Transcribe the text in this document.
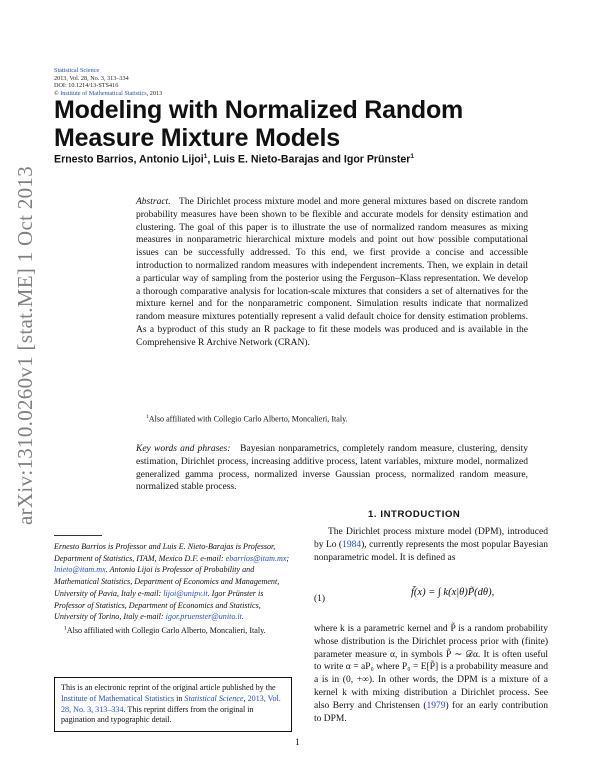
Statistical Science
2013, Vol. 28, No. 3, 313–334
DOI: 10.1214/13-STS416
© Institute of Mathematical Statistics, 2013
Modeling with Normalized Random
Measure Mixture Models
Ernesto Barrios, Antonio Lijoi$^1$, Luis E. Nieto-Barajas and Igor Prünster$^1$
arXiv:1310.0260v1 [stat.ME] 1 Oct 2013	Abstract. The Dirichlet process mixture model and more general mixtures based on discrete random probability measures have been shown to be flexible and accurate models for density estimation and clustering. The goal of this paper is to illustrate the use of normalized random measures as mixing measures in nonparametric hierarchical mixture models and point out how possible computational issues can be successfully addressed. To this end, we first provide a concise and accessible introduction to normalized random measures with independent increments. Then, we explain in detail a particular way of sampling from the posterior using the Ferguson–Klass representation. We develop a thorough comparative analysis for location-scale mixtures that considers a set of alternatives for the mixture kernel and for the nonparametric component. Simulation results indicate that normalized random measure mixtures potentially represent a valid default choice for density estimation problems. As a byproduct of this study an R package to fit these models was produced and is available in the Comprehensive R Archive Network (CRAN).

$^1$Also affiliated with Collegio Carlo Alberto, Moncalieri, Italy.
Key words and phrases: Bayesian nonparametrics, completely random measure, clustering, density estimation, Dirichlet process, increasing additive process, latent variables, mixture model, normalized generalized gamma process, normalized inverse Gaussian process, normalized random measure, normalized stable process.
1. INTRODUCTION

The Dirichlet process mixture model (DPM), introduced by Lo (1984), currently represents the most popular Bayesian nonparametric model. It is defined as

(1)
f̃(x) = ∫ k(x|θ)P̃(dθ),
where k is a parametric kernel and P̃ is a random probability whose distribution is the Dirichlet process prior with (finite) parameter measure α, in symbols P̃ ∼ 𝒟α. It is often useful to write α = aP₀ where P₀ = E[P̃] is a probability measure and a is in (0, +∞). In other words, the DPM is a mixture of a kernel k with mixing distribution a Dirichlet process. See also Berry and Christensen (1979) for an early contribution to DPM.
Ernesto Barrios is Professor and Luis E. Nieto-Barajas is Professor, Department of Statistics, ITAM, Mexico D.F. e-mail: ebarrios@itam.mx; lnieto@itam.mx. Antonio Lijoi is Professor of Probability and Mathematical Statistics, Department of Economics and Management, University of Pavia, Italy e-mail: lijoi@unipv.it. Igor Prünster is Professor of Statistics, Department of Economics and Statistics, University of Torino, Italy e-mail: igor.pruenster@unito.it.
$^1$Also affiliated with Collegio Carlo Alberto, Moncalieri, Italy.
This is an electronic reprint of the original article published by the Institute of Mathematical Statistics in Statistical Science, 2013, Vol. 28, No. 3, 313–334. This reprint differs from the original in pagination and typographic detail.
1
